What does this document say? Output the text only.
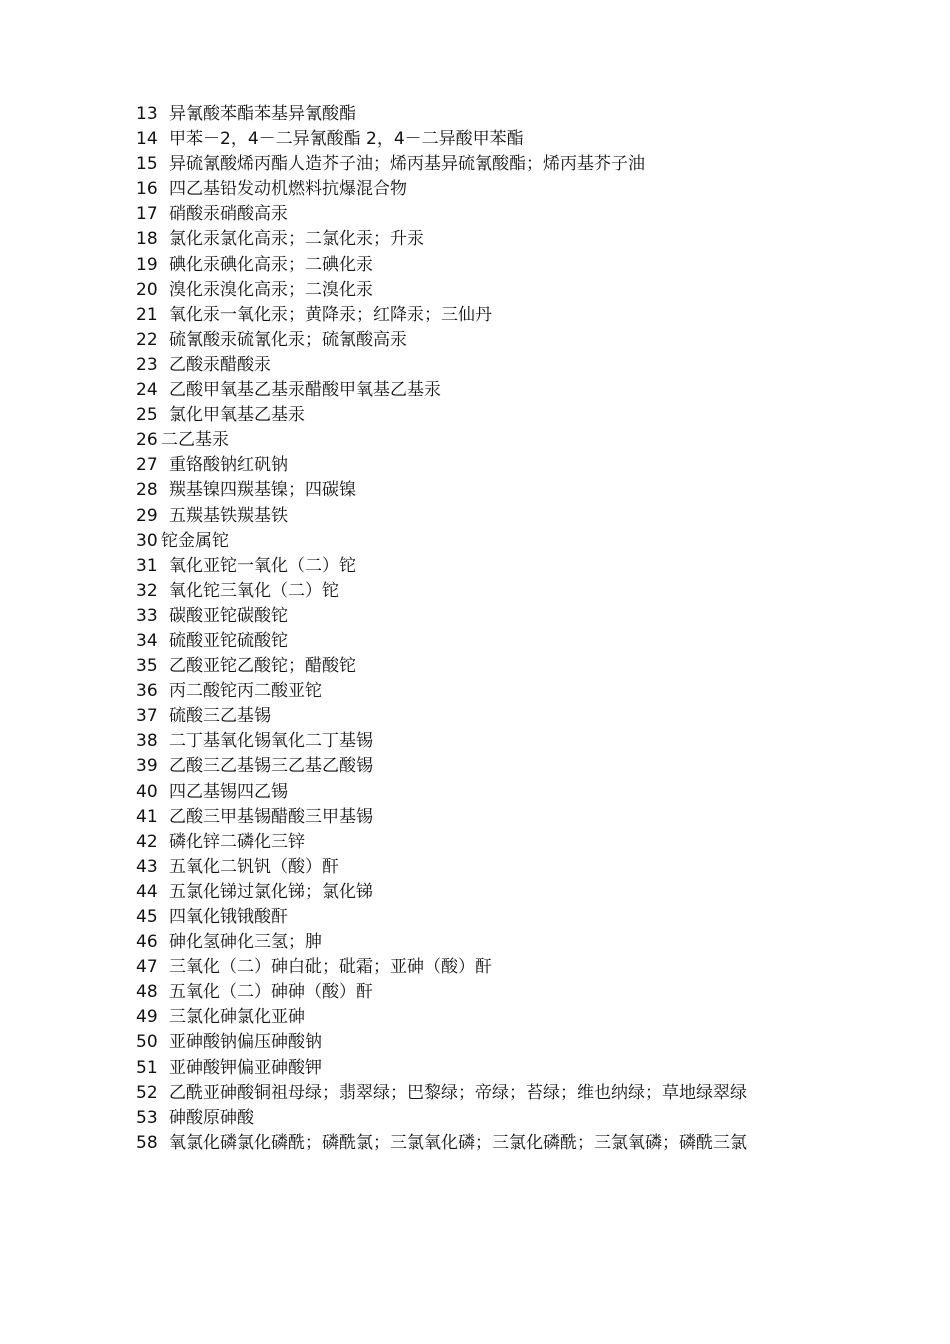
13 异氰酸苯酯苯基异氰酸酯
14 甲苯－2，4－二异氰酸酯 2，4－二异酸甲苯酯
15 异硫氰酸烯丙酯人造芥子油；烯丙基异硫氰酸酯；烯丙基芥子油
16 四乙基铅发动机燃料抗爆混合物
17 硝酸汞硝酸高汞
18 氯化汞氯化高汞；二氯化汞；升汞
19 碘化汞碘化高汞；二碘化汞
20 溴化汞溴化高汞；二溴化汞
21 氧化汞一氧化汞；黄降汞；红降汞；三仙丹
22 硫氰酸汞硫氰化汞；硫氰酸高汞
23 乙酸汞醋酸汞
24 乙酸甲氧基乙基汞醋酸甲氧基乙基汞
25 氯化甲氧基乙基汞
26 二乙基汞
27 重铬酸钠红矾钠
28 羰基镍四羰基镍；四碳镍
29 五羰基铁羰基铁
30 铊金属铊
31 氧化亚铊一氧化（二）铊
32 氧化铊三氧化（二）铊
33 碳酸亚铊碳酸铊
34 硫酸亚铊硫酸铊
35 乙酸亚铊乙酸铊；醋酸铊
36 丙二酸铊丙二酸亚铊
37 硫酸三乙基锡
38 二丁基氧化锡氧化二丁基锡
39 乙酸三乙基锡三乙基乙酸锡
40 四乙基锡四乙锡
41 乙酸三甲基锡醋酸三甲基锡
42 磷化锌二磷化三锌
43 五氧化二钒钒（酸）酐
44 五氯化锑过氯化锑；氯化锑
45 四氧化锇锇酸酐
46 砷化氢砷化三氢；胂
47 三氧化（二）砷白砒；砒霜；亚砷（酸）酐
48 五氧化（二）砷砷（酸）酐
49 三氯化砷氯化亚砷
50 亚砷酸钠偏压砷酸钠
51 亚砷酸钾偏亚砷酸钾
52 乙酰亚砷酸铜祖母绿；翡翠绿；巴黎绿；帝绿；苔绿；维也纳绿；草地绿翠绿
53 砷酸原砷酸
58 氧氯化磷氯化磷酰；磷酰氯；三氯氧化磷；三氯化磷酰；三氯氧磷；磷酰三氯
